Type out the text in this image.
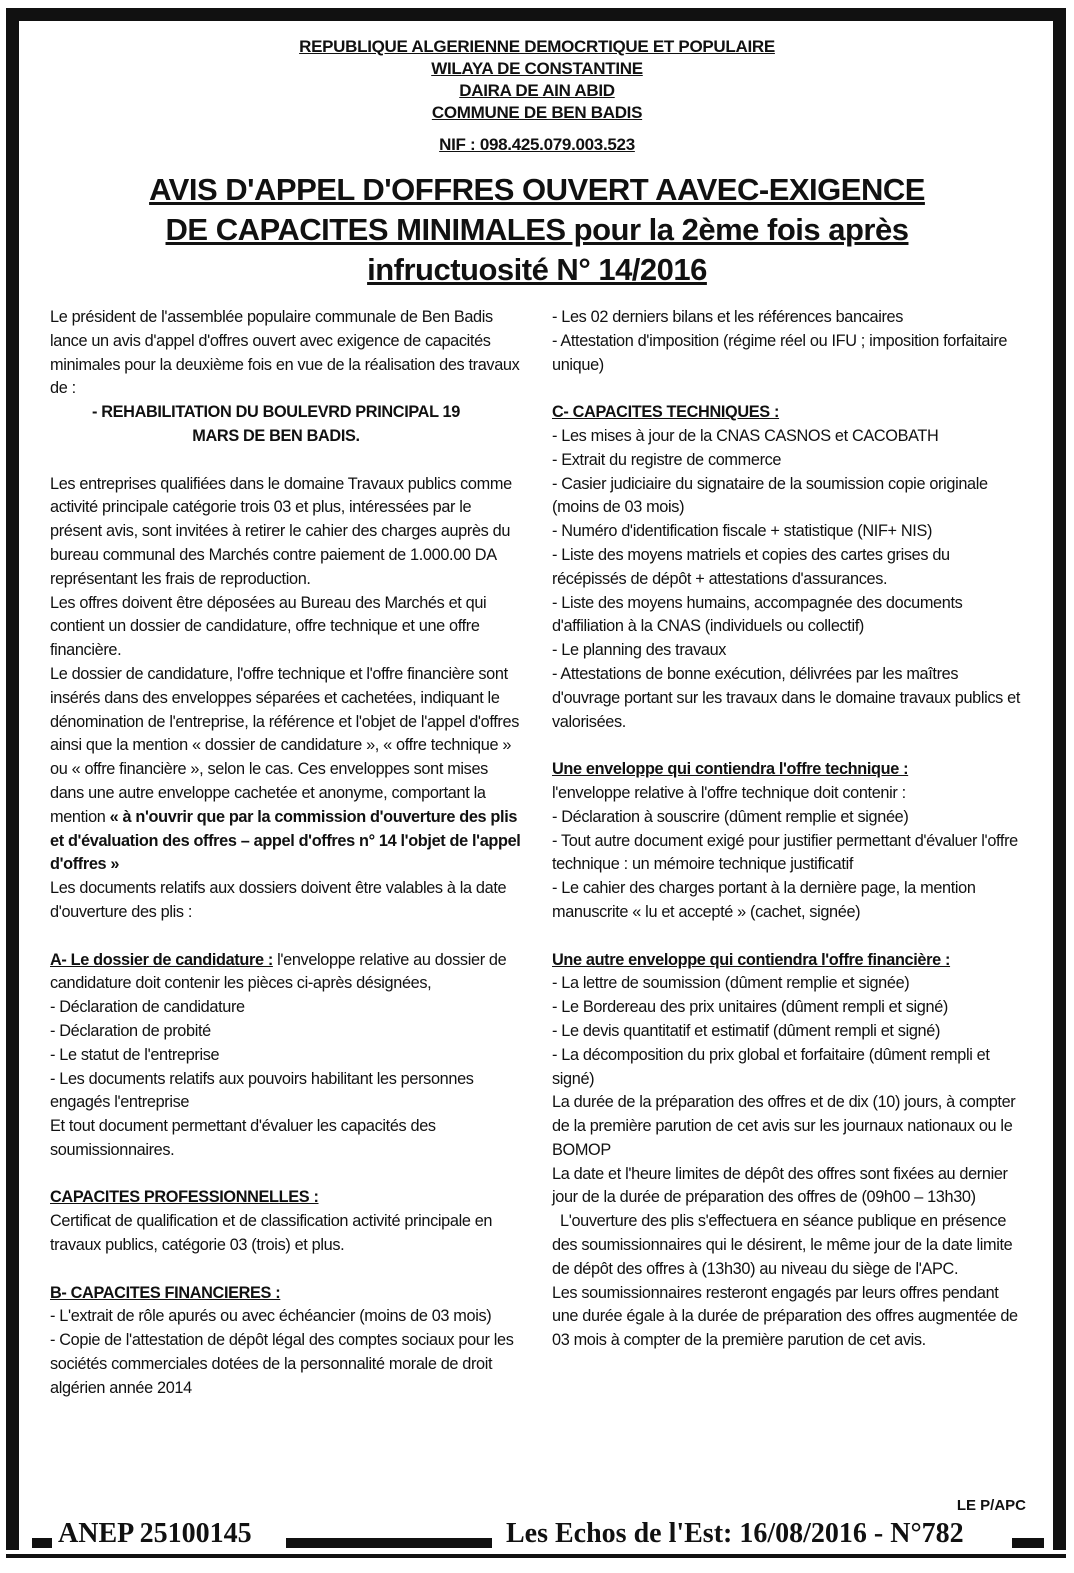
REPUBLIQUE ALGERIENNE DEMOCRTIQUE ET POPULAIRE
WILAYA DE CONSTANTINE
DAIRA DE AIN ABID
COMMUNE DE BEN BADIS
NIF : 098.425.079.003.523
AVIS D'APPEL D'OFFRES OUVERT AAVEC-EXIGENCE
DE CAPACITES MINIMALES pour la 2ème fois après
infructuosité N° 14/2016

Le président de l'assemblée populaire communale de Ben Badis lance un avis d'appel d'offres ouvert avec exigence de capacités minimales pour la deuxième fois en vue de la réalisation des travaux de :

- REHABILITATION DU BOULEVRD PRINCIPAL 19 MARS DE BEN BADIS.

Les entreprises qualifiées dans le domaine Travaux publics comme activité principale catégorie trois 03 et plus, intéressées par le présent avis, sont invitées à retirer le cahier des charges auprès du bureau communal des Marchés contre paiement de 1.000.00 DA représentant les frais de reproduction.

Les offres doivent être déposées au Bureau des Marchés et qui contient un dossier de candidature, offre technique et une offre financière.

Le dossier de candidature, l'offre technique et l'offre financière sont insérés dans des enveloppes séparées et cachetées, indiquant le dénomination de l'entreprise, la référence et l'objet de l'appel d'offres ainsi que la mention « dossier de candidature », « offre technique » ou « offre financière », selon le cas. Ces enveloppes sont mises dans une autre enveloppe cachetée et anonyme, comportant la mention « à n'ouvrir que par la commission d'ouverture des plis et d'évaluation des offres – appel d'offres n° 14 l'objet de l'appel d'offres »

Les documents relatifs aux dossiers doivent être valables à la date d'ouverture des plis :

A- Le dossier de candidature : l'enveloppe relative au dossier de candidature doit contenir les pièces ci-après désignées,

- Déclaration de candidature

- Déclaration de probité

- Le statut de l'entreprise

- Les documents relatifs aux pouvoirs habilitant les personnes engagés l'entreprise

Et tout document permettant d'évaluer les capacités des soumissionnaires.

CAPACITES PROFESSIONNELLES :

Certificat de qualification et de classification activité principale en travaux publics, catégorie 03 (trois) et plus.

B- CAPACITES FINANCIERES :

- L'extrait de rôle apurés ou avec échéancier (moins de 03 mois)

- Copie de l'attestation de dépôt légal des comptes sociaux pour les sociétés commerciales dotées de la personnalité morale de droit algérien année 2014

- Les 02 derniers bilans et les références bancaires

- Attestation d'imposition (régime réel ou IFU ; imposition forfaitaire unique)

C- CAPACITES TECHNIQUES :

- Les mises à jour de la CNAS CASNOS et CACOBATH

- Extrait du registre de commerce

- Casier judiciaire du signataire de la soumission copie originale (moins de 03 mois)

- Numéro d'identification fiscale + statistique (NIF+ NIS)

- Liste des moyens matriels et copies des cartes grises du récépissés de dépôt + attestations d'assurances.

- Liste des moyens humains, accompagnée des documents d'affiliation à la CNAS (individuels ou collectif)

- Le planning des travaux

- Attestations de bonne exécution, délivrées par les maîtres d'ouvrage portant sur les travaux dans le domaine travaux publics et valorisées.

Une enveloppe qui contiendra l'offre technique :

l'enveloppe relative à l'offre technique doit contenir :

- Déclaration à souscrire (dûment remplie et signée)

- Tout autre document exigé pour justifier permettant d'évaluer l'offre technique : un mémoire technique justificatif

- Le cahier des charges portant à la dernière page, la mention manuscrite « lu et accepté » (cachet, signée)

Une autre enveloppe qui contiendra l'offre financière :

- La lettre de soumission (dûment remplie et signée)

- Le Bordereau des prix unitaires (dûment rempli et signé)

- Le devis quantitatif et estimatif (dûment rempli et signé)

- La décomposition du prix global et forfaitaire (dûment rempli et signé)

La durée de la préparation des offres et de dix (10) jours, à compter de la première parution de cet avis sur les journaux nationaux ou le BOMOP

La date et l'heure limites de dépôt des offres sont fixées au dernier jour de la durée de préparation des offres de (09h00 – 13h30)

L'ouverture des plis s'effectuera en séance publique en présence des soumissionnaires qui le désirent, le même jour de la date limite de dépôt des offres à (13h30) au niveau du siège de l'APC.

Les soumissionnaires resteront engagés par leurs offres pendant une durée égale à la durée de préparation des offres augmentée de 03 mois à compter de la première parution de cet avis.

LE P/APC
ANEP 25100145	Les Echos de l'Est: 16/08/2016 - N°782
